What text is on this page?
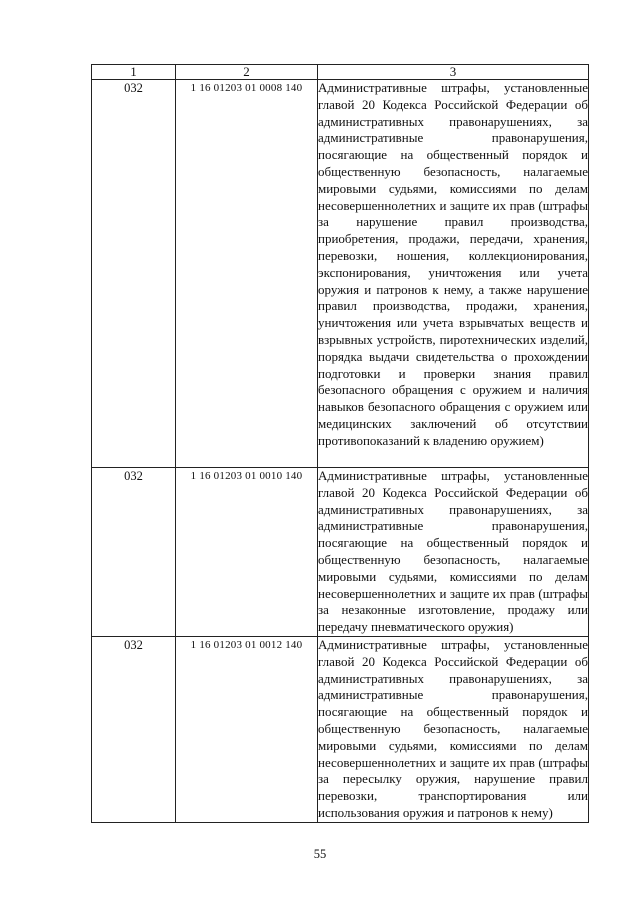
1	2	3
032	1 16 01203 01 0008 140	Административные штрафы, установленные главой 20 Кодекса Российской Федерации об административных правонарушениях, за административные правонарушения, посягающие на общественный порядок и общественную безопасность, налагаемые мировыми судьями, комиссиями по делам несовершеннолетних и защите их прав (штрафы за нарушение правил производства, приобретения, продажи, передачи, хранения, перевозки, ношения, коллекционирования, экспонирования, уничтожения или учета оружия и патронов к нему, а также нарушение правил производства, продажи, хранения, уничтожения или учета взрывчатых веществ и взрывных устройств, пиротехнических изделий, порядка выдачи свидетельства о прохождении подготовки и проверки знания правил безопасного обращения с оружием и наличия навыков безопасного обращения с оружием или медицинских заключений об отсутствии противопоказаний к владению оружием)
032	1 16 01203 01 0010 140	Административные штрафы, установленные главой 20 Кодекса Российской Федерации об административных правонарушениях, за административные правонарушения, посягающие на общественный порядок и общественную безопасность, налагаемые мировыми судьями, комиссиями по делам несовершеннолетних и защите их прав (штрафы за незаконные изготовление, продажу или передачу пневматического оружия)
032	1 16 01203 01 0012 140	Административные штрафы, установленные главой 20 Кодекса Российской Федерации об административных правонарушениях, за административные правонарушения, посягающие на общественный порядок и общественную безопасность, налагаемые мировыми судьями, комиссиями по делам несовершеннолетних и защите их прав (штрафы за пересылку оружия, нарушение правил перевозки, транспортирования или использования оружия и патронов к нему)
55
